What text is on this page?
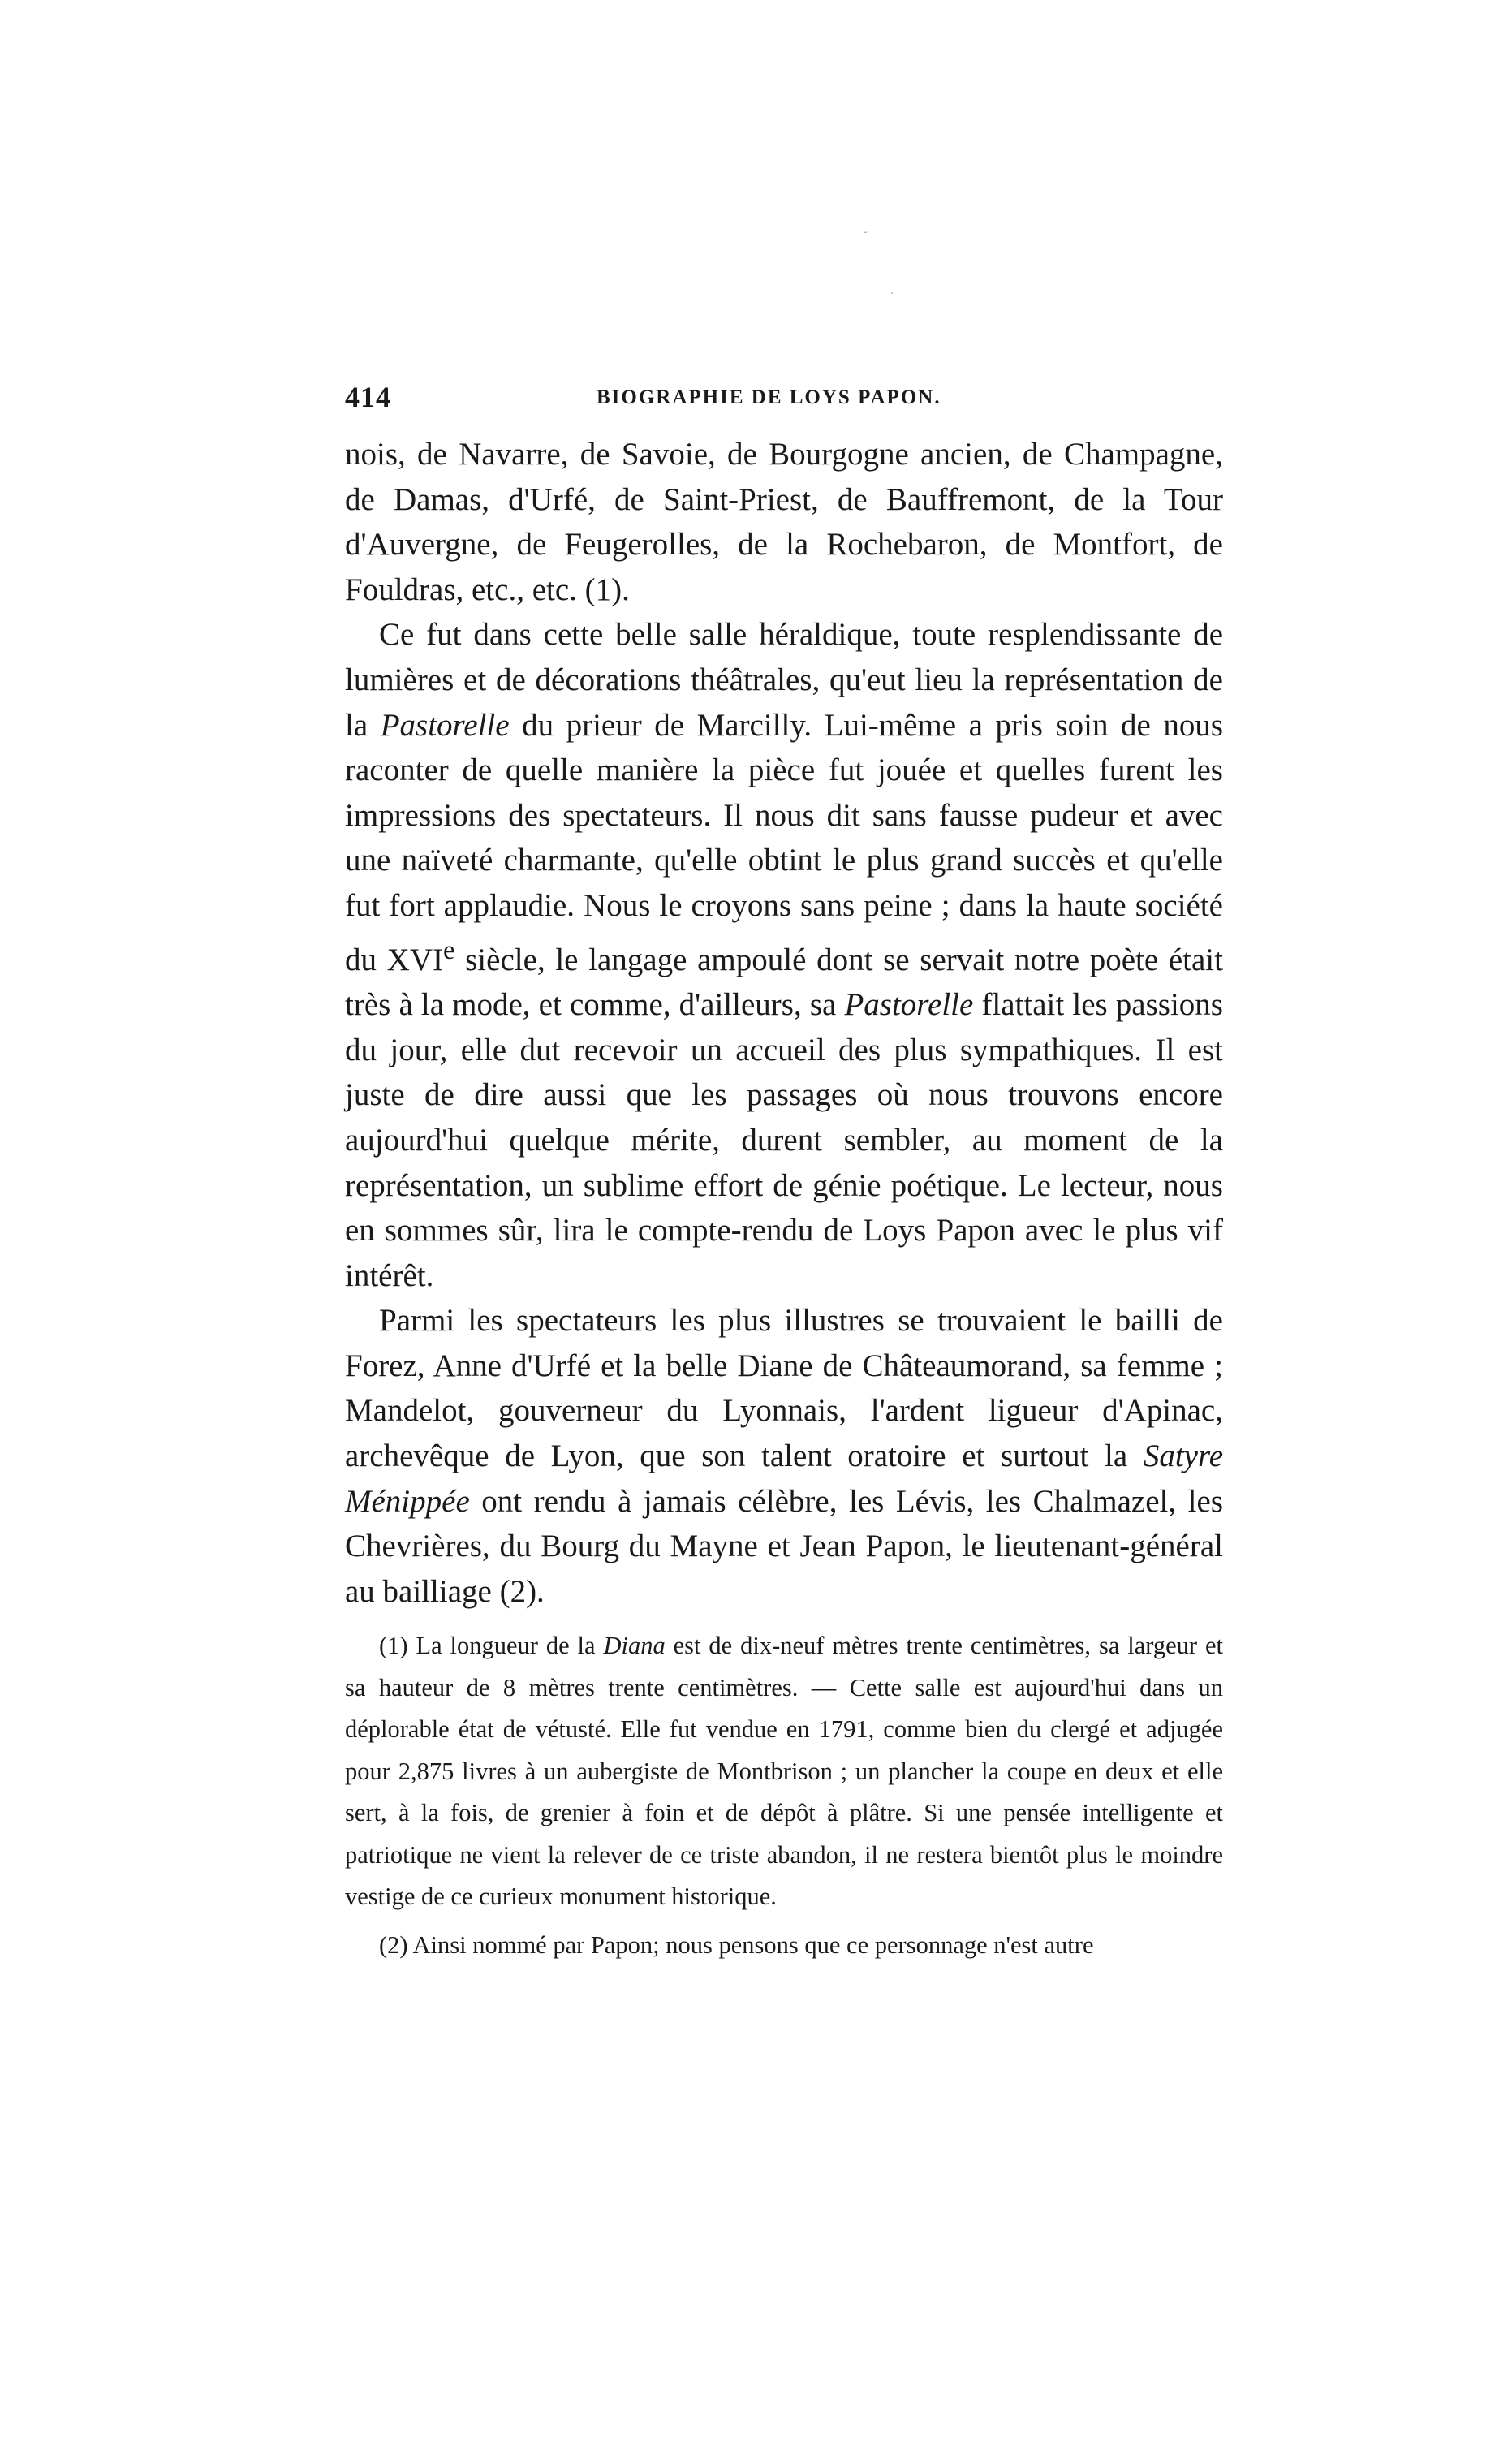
˘
·
414	BIOGRAPHIE DE LOYS PAPON.

nois, de Navarre, de Savoie, de Bourgogne ancien, de Champagne, de Damas, d'Urfé, de Saint-Priest, de Bauffremont, de la Tour d'Auvergne, de Feugerolles, de la Rochebaron, de Montfort, de Fouldras, etc., etc. (1).

Ce fut dans cette belle salle héraldique, toute resplendissante de lumières et de décorations théâtrales, qu'eut lieu la représentation de la Pastorelle du prieur de Marcilly. Lui-même a pris soin de nous raconter de quelle manière la pièce fut jouée et quelles furent les impressions des spectateurs. Il nous dit sans fausse pudeur et avec une naïveté charmante, qu'elle obtint le plus grand succès et qu'elle fut fort applaudie. Nous le croyons sans peine ; dans la haute société du XVIe siècle, le langage ampoulé dont se servait notre poète était très à la mode, et comme, d'ailleurs, sa Pastorelle flattait les passions du jour, elle dut recevoir un accueil des plus sympathiques. Il est juste de dire aussi que les passages où nous trouvons encore aujourd'hui quelque mérite, durent sembler, au moment de la représentation, un sublime effort de génie poétique. Le lecteur, nous en sommes sûr, lira le compte-rendu de Loys Papon avec le plus vif intérêt.

Parmi les spectateurs les plus illustres se trouvaient le bailli de Forez, Anne d'Urfé et la belle Diane de Châteaumorand, sa femme ; Mandelot, gouverneur du Lyonnais, l'ardent ligueur d'Apinac, archevêque de Lyon, que son talent oratoire et surtout la Satyre Ménippée ont rendu à jamais célèbre, les Lévis, les Chalmazel, les Chevrières, du Bourg du Mayne et Jean Papon, le lieutenant-général au bailliage (2).

(1) La longueur de la Diana est de dix-neuf mètres trente centimètres, sa largeur et sa hauteur de 8 mètres trente centimètres. — Cette salle est aujourd'hui dans un déplorable état de vétusté. Elle fut vendue en 1791, comme bien du clergé et adjugée pour 2,875 livres à un aubergiste de Montbrison ; un plancher la coupe en deux et elle sert, à la fois, de grenier à foin et de dépôt à plâtre. Si une pensée intelligente et patriotique ne vient la relever de ce triste abandon, il ne restera bientôt plus le moindre vestige de ce curieux monument historique.

(2) Ainsi nommé par Papon; nous pensons que ce personnage n'est autre
